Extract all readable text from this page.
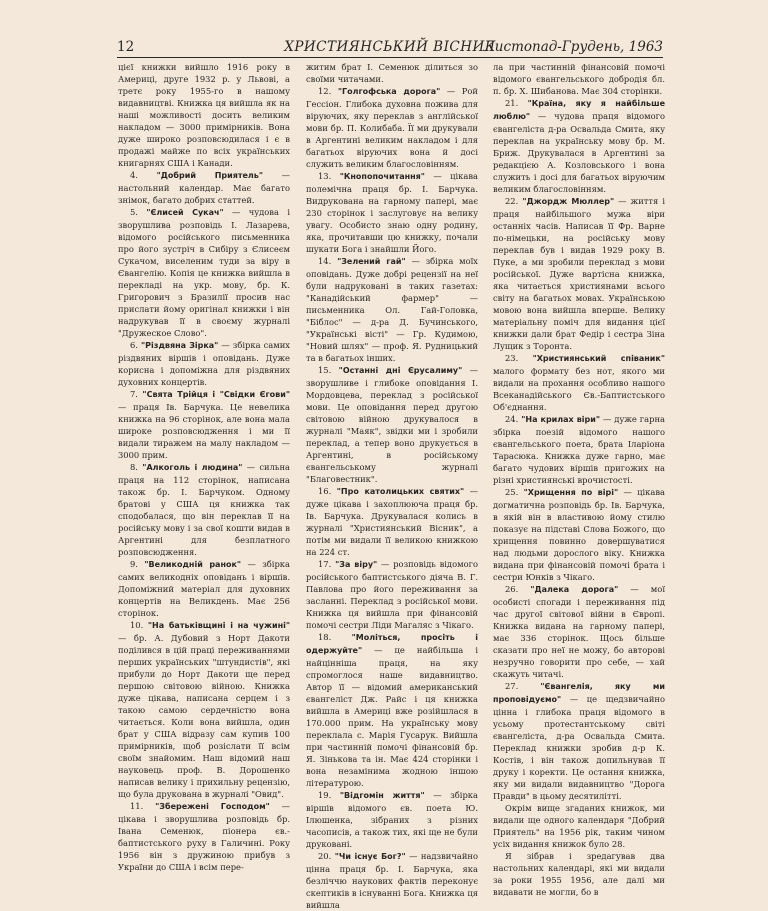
12	ХРИСТИЯНСЬКИЙ ВІСНИК
Листопад-Грудень, 1963

цієї книжки вийшло 1916 року в Америці, друге 1932 р. у Львові, а третє року 1955-го в нашому видавництві. Книжка ця вийшла як на наші можливості досить великим накладом — 3000 примірників. Вона дуже широко розповсюдилася і є в продажі майже по всіх українських книгарнях США і Канади.

4. "Добрий Приятель" — настольний календар. Має багато знімок, багато добрих статтей.

5. "Єлисей Сукач" — чудова і зворушлива розповідь І. Лазарева, відомого російського письменника про його зустріч в Сибіру з Єлисеєм Сукачом, виселеним туди за віру в Євангелію. Копія це книжка вийшла в перекладі на укр. мову, бр. К. Григорович з Бразилії просив нас прислати йому оригінал книжки і він надрукував її в своєму журналі "Дружеское Слово".

6. "Різдвяна Зірка" — збірка самих різдвяних віршів і оповідань. Дуже корисна і допоміжна для різдвяних духовних концертів.

7. "Свята Трійця і "Свідки Єгови" — праця Ів. Барчука. Це невелика книжка на 96 сторінок, але вона мала широке розповсюдження і ми її видали тиражем на малу накладом — 3000 прим.

8. "Алкоголь і людина" — сильна праця на 112 сторінок, написана також бр. І. Барчуком. Одному братові у США ця книжка так сподобалася, що він переклав її на російську мову і за свої кошти видав в Аргентині для безплатного розповсюдження.

9. "Великодній ранок" — збірка самих великодніх оповідань і віршів. Допоміжний матеріал для духовних концертів на Великдень. Має 256 сторінок.

10. "На батьківщині і на чужині" — бр. А. Дубовий з Норт Дакоти поділився в цій праці переживаннями перших українських "штундистів", які прибули до Норт Дакоти ще перед першою світовою війною. Книжка дуже цікава, написана серцем і з такою самою сердечністю вона читається. Коли вона вийшла, один брат у США відразу сам купив 100 примірників, щоб розіслати її всім своїм знайомим. Наш відомий наш науковець проф. В. Дорошенко написав велику і прихильну рецензію, що була друкована в журналі "Овид".

11. "Збережені Господом" — цікава і зворушлива розповідь бр. Івана Семенюк, піонера єв.-баптистського руху в Галичині. Року 1956 він з дружиною прибув з України до США і всім пере-

житим брат І. Семенюк ділиться зо своїми читачами.

12. "Голгофська дорога" — Рой Гессіон. Глибока духовна пожива для віруючих, яку переклав з англійської мови бр. П. Колибаба. Її ми друкували в Аргентині великим накладом і для багатьох віруючих вона й досі служить великим благословінням.

13. "Кнопопочитання" — цікава полемічна праця бр. І. Барчука. Видрукована на гарному папері, має 230 сторінок і заслуговує на велику увагу. Особисто знаю одну родину, яка, прочитавши цю книжку, почали шукати Бога і знайшли Його.

14. "Зелений гай" — збірка моїх оповідань. Дуже добрі рецензії на неї були надруковані в таких газетах: "Канадійський фармер" — письменника Ол. Гай-Головка, "Біблос" — д-ра Д. Бучинського, "Українські вісті" — Гр. Кудимою, "Новий шлях" — проф. Я. Рудницький та в багатьох інших.

15. "Останні дні Єрусалиму" — зворушливе і глибоке оповідання І. Мордовцева, переклад з російської мови. Це оповідання перед другою світовою війною друкувалося в журналі "Маяк", звідки ми і зробили переклад, а тепер воно друкується в Аргентині, в російському євангельському журналі "Благовестник".

16. "Про католицьких святих" — дуже цікава і захоплююча праця бр. Ів. Барчука. Друкувалася колись в журналі "Християнський Вісник", а потім ми видали її великою книжкою на 224 ст.

17. "За віру" — розповідь відомого російського баптистського діяча В. Г. Павлова про його переживання за засланні. Переклад з російської мови. Книжка ця вийшла при фінансовій помочі сестри Ліди Магаляс з Чікаго.

18.	"Моліться, просіть і одержуйте" — це найбільша і найцінніша праця, на яку спромоглося наше видавництво. Автор її — відомий американський євангеліст Дж. Райс і ця книжка вийшла в Америці вже розійшлася в 170.000 прим. На українську мову переклала с. Марія Гусарук. Вийшла при частинній помочі фінансовій бр. Я. Зінькова та ін. Має 424 сторінки і вона незамінима жодною іншою літературою.

19. "Відгомін життя" — збірка віршів відомого єв. поета Ю. Ілюшенка, зібраних з різних часописів, а також тих, які ще не були друковані.

20. "Чи існує Бог?" — надзвичайно цінна праця бр. І. Барчука, яка безліччю наукових фактів переконує скептиків в існуванні Бога. Книжка ця вийшла

ла при частинній фінансовій помочі відомого євангельського добродія бл. п. бр. Х. Шибанова. Має 304 сторінки.

21. "Країна, яку я найбільше люблю" — чудова праця відомого євангеліста д-ра Освальда Смита, яку переклав на українську мову бр. М. Бриж. Друкувалася в Аргентині за редакцією А. Козловського і вона служить і досі для багатьох віруючим великим благословінням.

22. "Джордж Мюллер" — життя і праця найбільшого мужа віри останніх часів. Написав її Фр. Варне по-німецьки, на російську мову переклав був і видав 1929 року В. Пуке, а ми зробили переклад з мови російської. Дуже вартісна книжка, яка читається християнами всього світу на багатьох мовах. Українською мовою вона вийшла вперше. Велику матеріальну поміч для видання цієї книжки дали брат Федір і сестра Зіна Лущик з Торонта.

23. "Християнський співаник" малого формату без нот, якого ми видали на прохання особливо нашого Всеканадійського Єв.-Баптистського Об'єднання.

24. "На крилах віри" — дуже гарна збірка поезій відомого нашого євангельського поета, брата Іларіона Тарасюка. Книжка дуже гарно, має багато чудових віршів пригожих на різні християнські врочистості.

25. "Хрищення по вірі" — цікава догматична розповідь бр. Ів. Барчука, в якій він в властивою йому стилю показує на підставі Слова Божого, що хрищення повинно довершуватися над людьми дорослого віку. Книжка видана при фінансовій помочі брата і сестри Юнків з Чікаго.

26. "Далека дорога" — мої особисті спогади і переживання під час другої світової війни в Європі. Книжка видана на гарному папері, має 336 сторінок. Щось більше сказати про неї не можу, бо авторові незручно говорити про себе, — хай скажуть читачі.

27.	"Євангелія, яку ми проповідуємо" — це щедзвичайно цінна і глибока праця відомого в усьому протестантському світі євангеліста, д-ра Освальда Смита. Переклад книжки зробив д-р К. Костів, і він також допильнував її друку і коректи. Це остання книжка, яку ми видали видавництво "Дорога Правди" в цьому десятилітті.

Окрім вище згаданих книжок, ми видали ще одного календаря "Добрий Приятель" на 1956 рік, таким чином усіх видання книжок було 28.

Я зібрав і зредагував два настольних календарі, які ми видали за роки 1955 1956, але далі ми видавати не могли, бо в
